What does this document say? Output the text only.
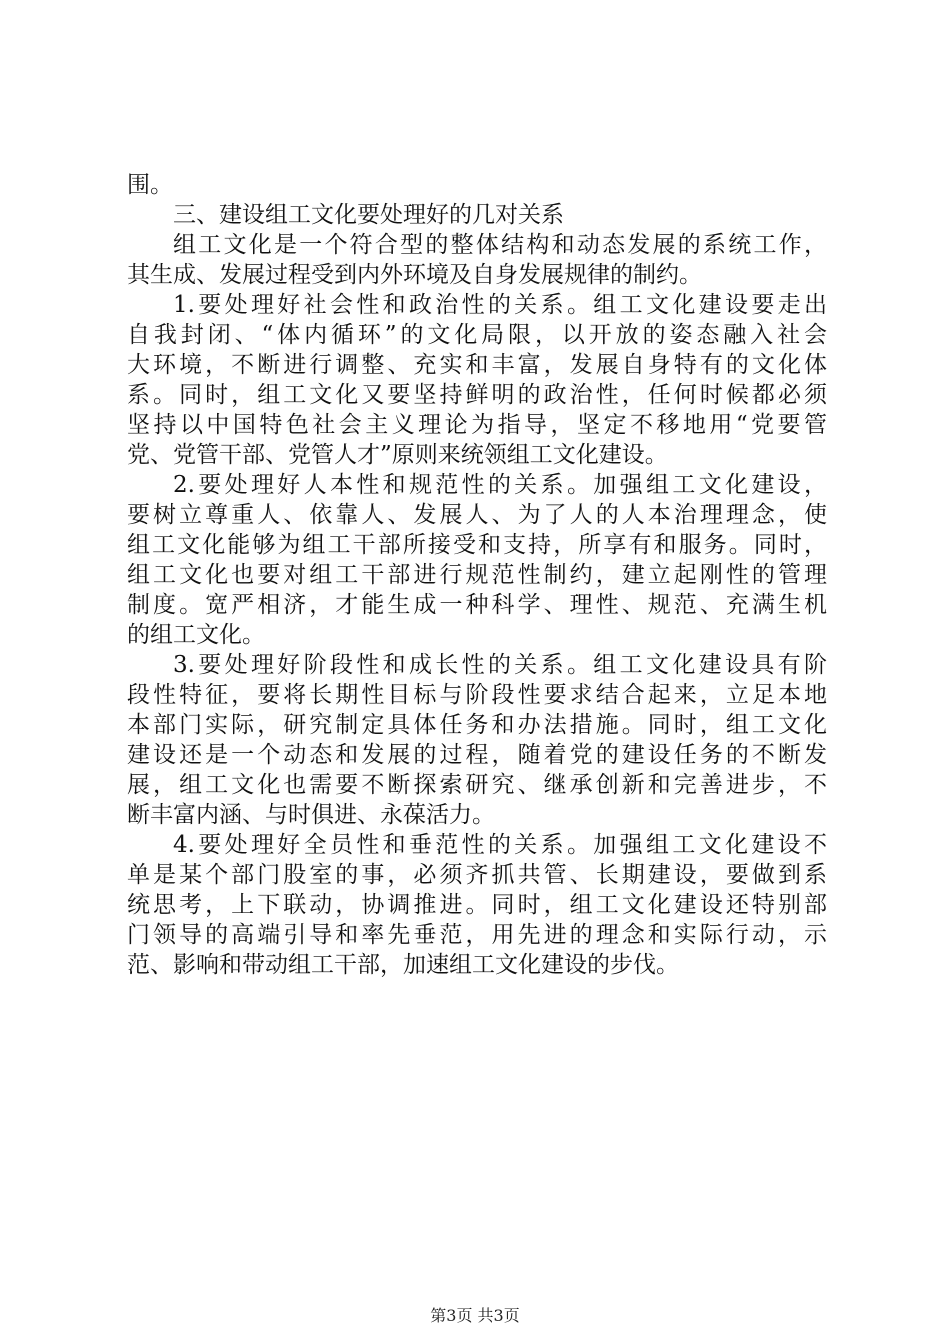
围。
三、建设组工文化要处理好的几对关系
组工文化是一个符合型的整体结构和动态发展的系统工作，
其生成、发展过程受到内外环境及自身发展规律的制约。
1.要处理好社会性和政治性的关系。组工文化建设要走出
自我封闭、“体内循环”的文化局限，以开放的姿态融入社会
大环境，不断进行调整、充实和丰富，发展自身特有的文化体
系。同时，组工文化又要坚持鲜明的政治性，任何时候都必须
坚持以中国特色社会主义理论为指导，坚定不移地用“党要管
党、党管干部、党管人才”原则来统领组工文化建设。
2.要处理好人本性和规范性的关系。加强组工文化建设，
要树立尊重人、依靠人、发展人、为了人的人本治理理念，使
组工文化能够为组工干部所接受和支持，所享有和服务。同时，
组工文化也要对组工干部进行规范性制约，建立起刚性的管理
制度。宽严相济，才能生成一种科学、理性、规范、充满生机
的组工文化。
3.要处理好阶段性和成长性的关系。组工文化建设具有阶
段性特征，要将长期性目标与阶段性要求结合起来，立足本地
本部门实际，研究制定具体任务和办法措施。同时，组工文化
建设还是一个动态和发展的过程，随着党的建设任务的不断发
展，组工文化也需要不断探索研究、继承创新和完善进步，不
断丰富内涵、与时俱进、永葆活力。
4.要处理好全员性和垂范性的关系。加强组工文化建设不
单是某个部门股室的事，必须齐抓共管、长期建设，要做到系
统思考，上下联动，协调推进。同时，组工文化建设还特别部
门领导的高端引导和率先垂范，用先进的理念和实际行动，示
范、影响和带动组工干部，加速组工文化建设的步伐。
第3页 共3页
